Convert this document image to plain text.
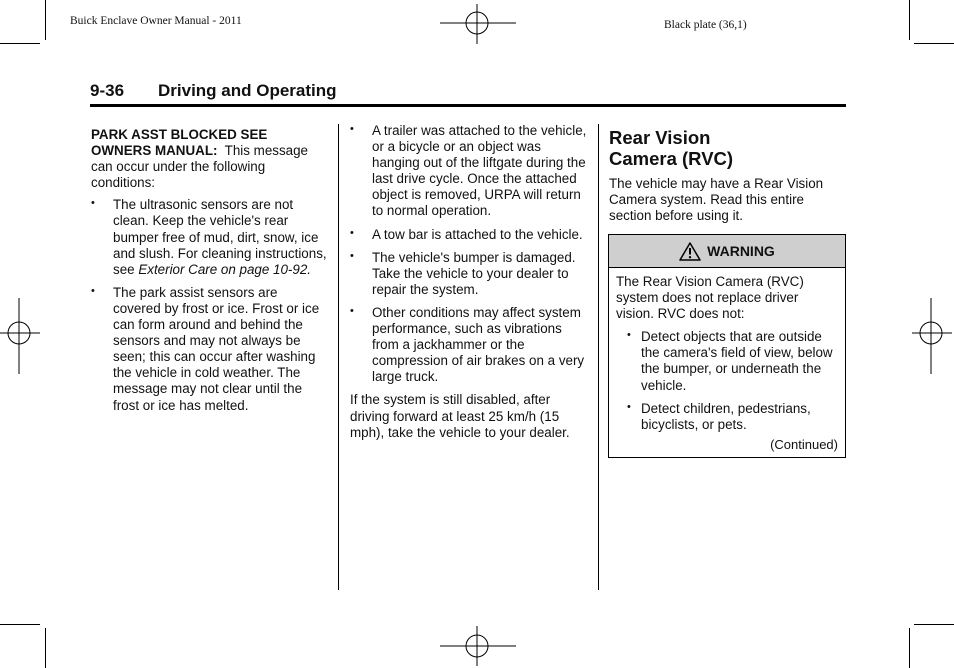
Buick Enclave Owner Manual - 2011	Black plate (36,1)
9-36 Driving and Operating

PARK ASST BLOCKED SEE OWNERS MANUAL: This message can occur under the following conditions:

• The ultrasonic sensors are not clean. Keep the vehicle's rear bumper free of mud, dirt, snow, ice and slush. For cleaning instructions, see Exterior Care on page 10-92.
• The park assist sensors are covered by frost or ice. Frost or ice can form around and behind the sensors and may not always be seen; this can occur after washing the vehicle in cold weather. The message may not clear until the frost or ice has melted.
• A trailer was attached to the vehicle, or a bicycle or an object was hanging out of the liftgate during the last drive cycle. Once the attached object is removed, URPA will return to normal operation.
• A tow bar is attached to the vehicle.
• The vehicle's bumper is damaged. Take the vehicle to your dealer to repair the system.
• Other conditions may affect system performance, such as vibrations from a jackhammer or the compression of air brakes on a very large truck.

If the system is still disabled, after driving forward at least 25 km/h (15 mph), take the vehicle to your dealer.

Rear Vision
Camera (RVC)

The vehicle may have a Rear Vision Camera system. Read this entire section before using it.

WARNING

The Rear Vision Camera (RVC) system does not replace driver vision. RVC does not:

• Detect objects that are outside the camera's field of view, below the bumper, or underneath the vehicle.
• Detect children, pedestrians, bicyclists, or pets.
(Continued)
